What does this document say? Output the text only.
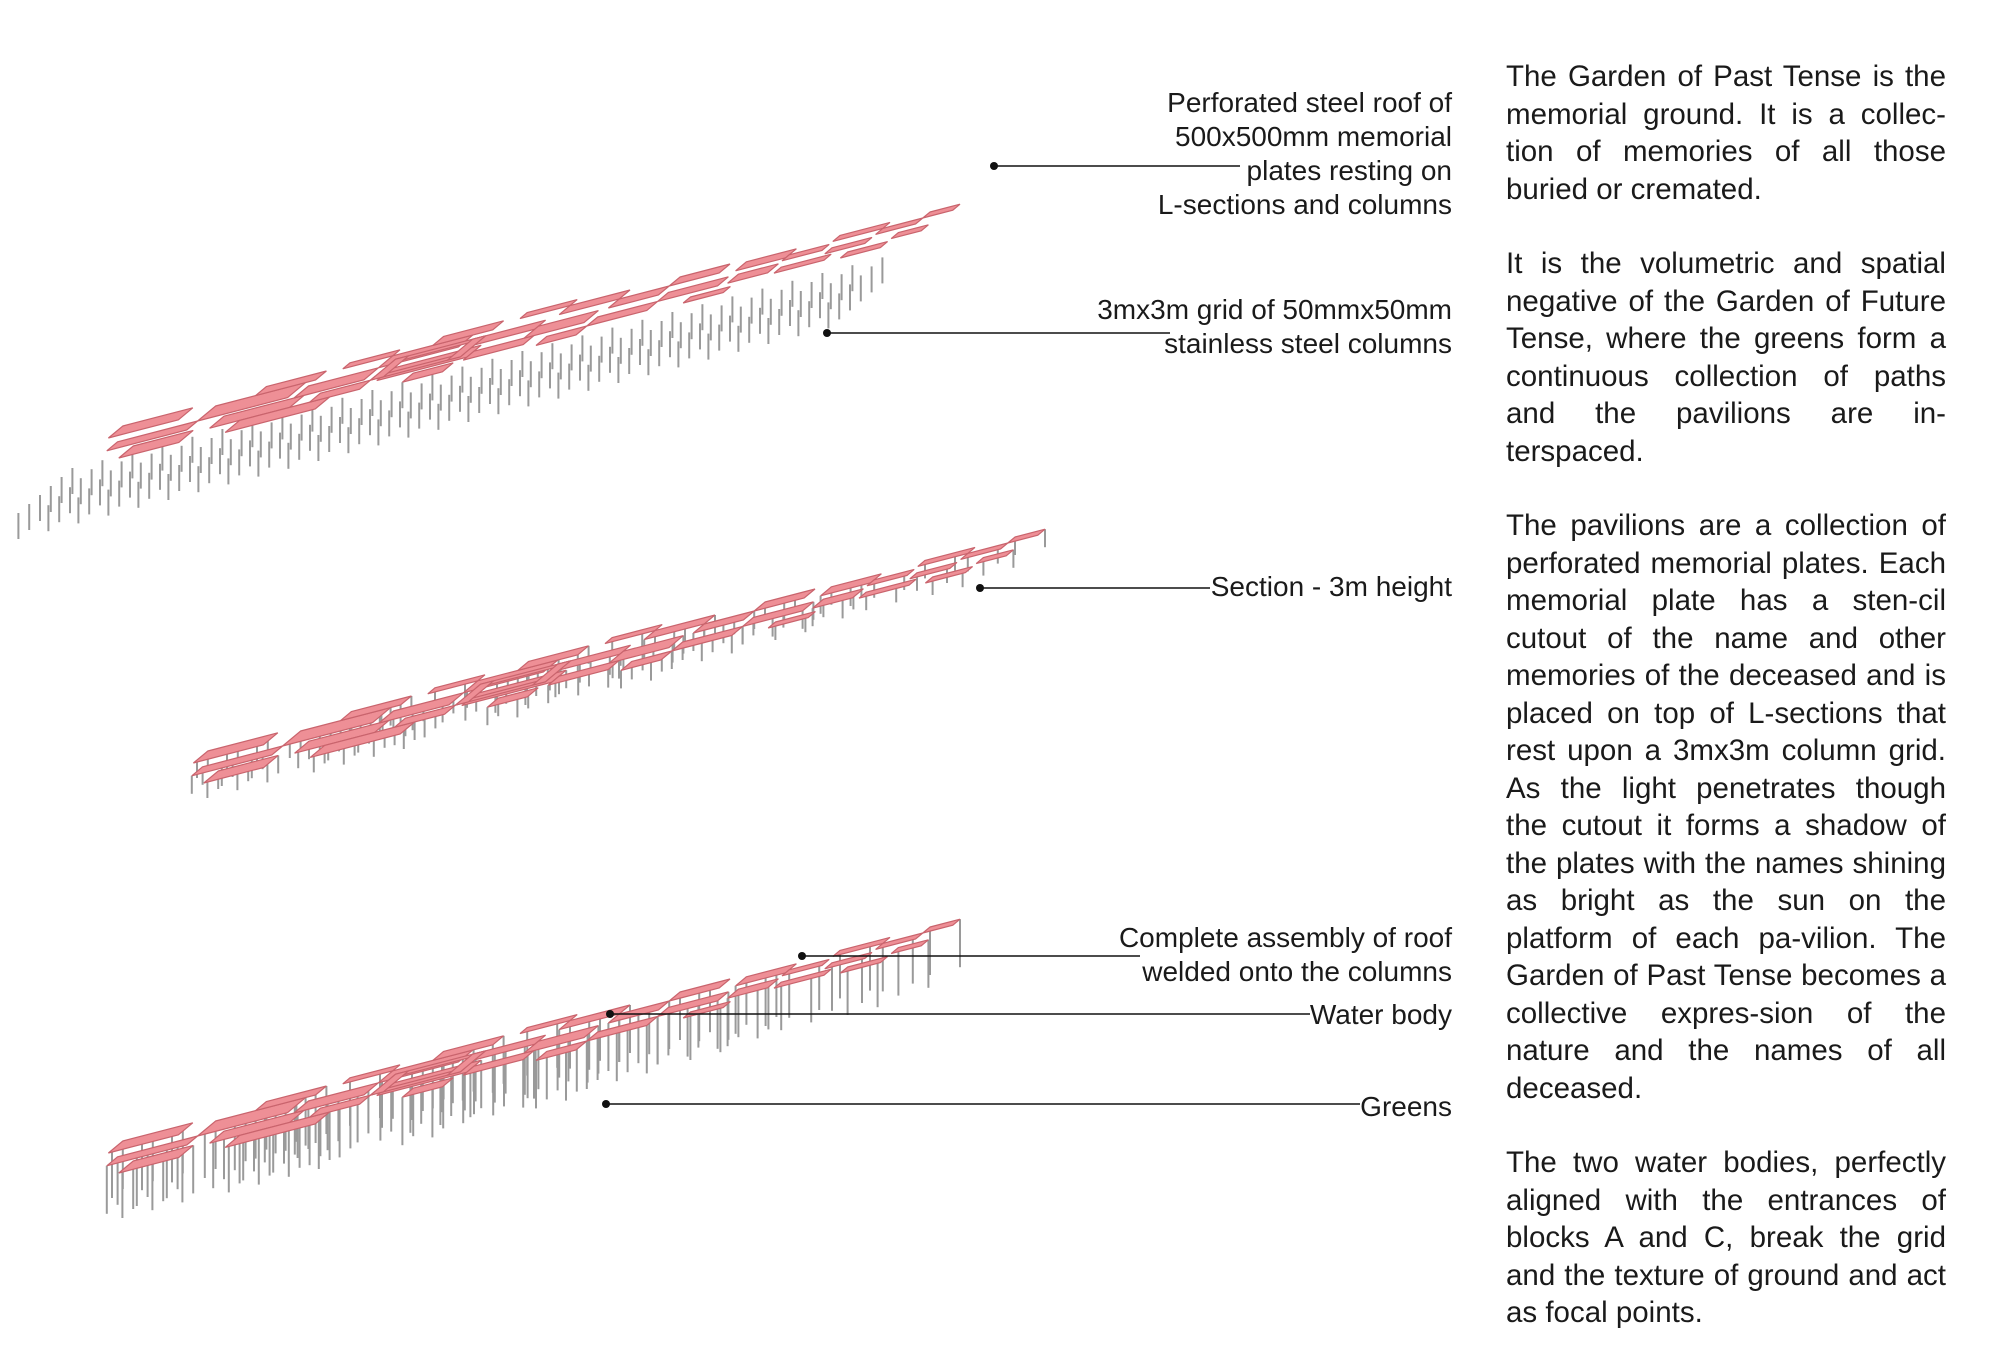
Perforated steel roof of
500x500mm memorial
plates resting on
L-sections and columns
3mx3m grid of 50mmx50mm
stainless steel columns
Section - 3m height
Complete assembly of roof
welded onto the columns
Water body
Greens

The Garden of Past Tense is the memorial ground. It is a collec-tion of memories of all those buried or cremated.

It is the volumetric and spatial negative of the Garden of Future Tense, where the greens form a continuous collection of paths and the pavilions are in-terspaced.

The pavilions are a collection of perforated memorial plates. Each memorial plate has a sten-cil cutout of the name and other memories of the deceased and is placed on top of L-sections that rest upon a 3mx3m column grid. As the light penetrates though the cutout it forms a shadow of the plates with the names shining as bright as the sun on the platform of each pa-vilion. The Garden of Past Tense becomes a collective expres-sion of the nature and the names of all deceased.

The two water bodies, perfectly aligned with the entrances of blocks A and C, break the grid and the texture of ground and act as focal points.
